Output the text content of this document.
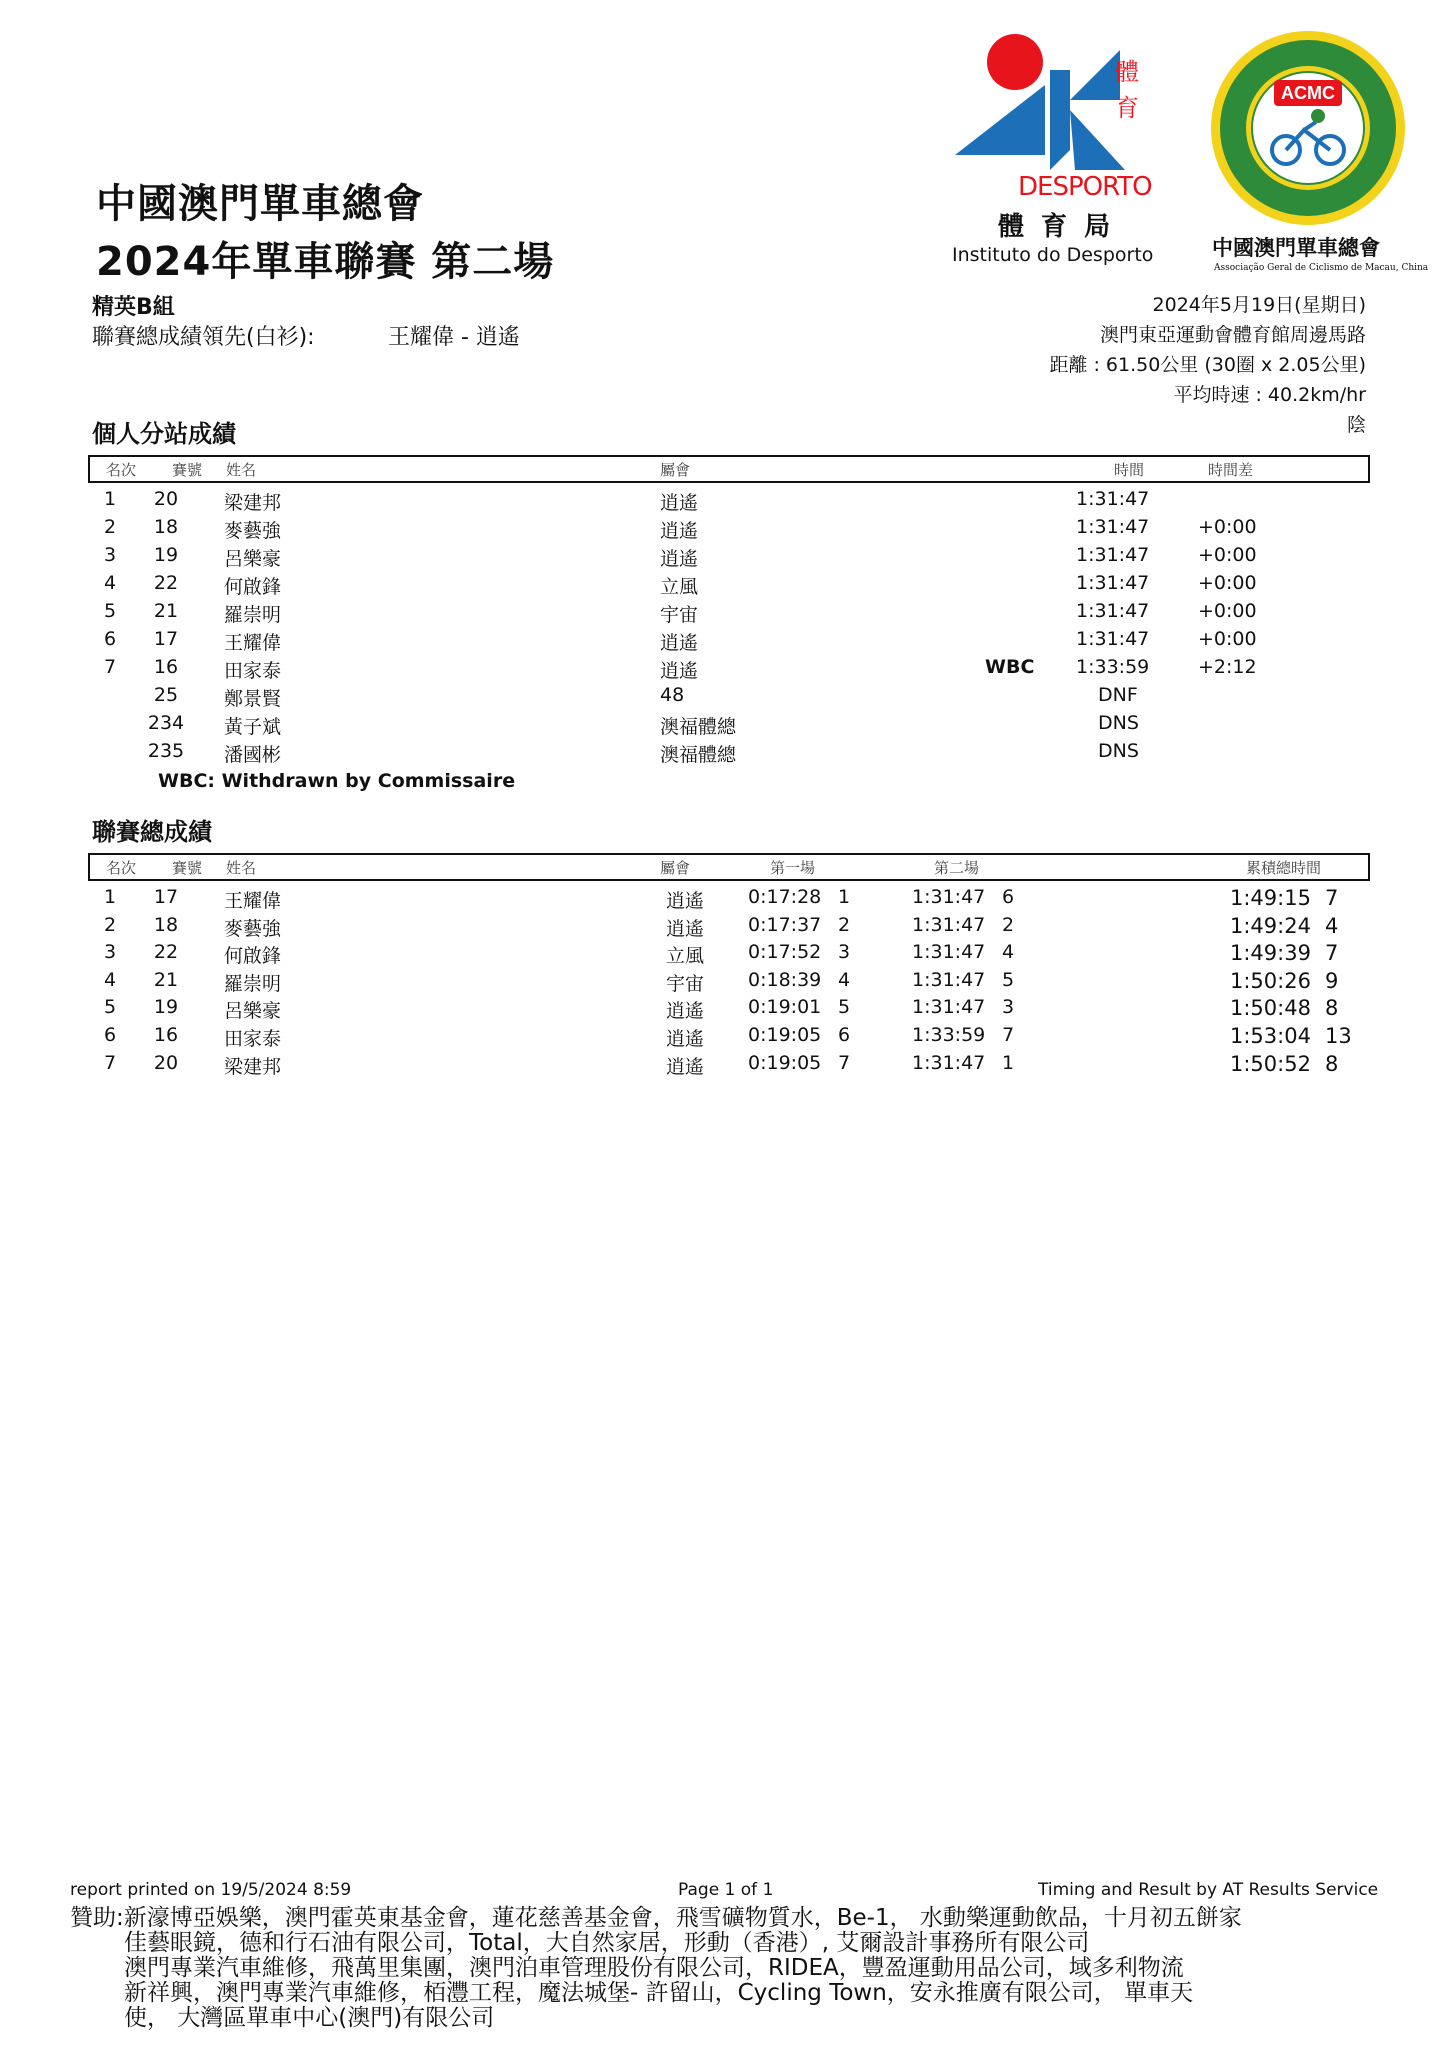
中國澳門單車總會
2024年單車聯賽 第二場
精英B組
聯賽總成績領先(白衫):	王耀偉 - 逍遙
2024年5月19日(星期日)
澳門東亞運動會體育館周邊馬路
距離 : 61.50公里 (30圈 x 2.05公里)
平均時速 : 40.2km/hr
陰
體
育
DESPORTO
體 育 局
Instituto do Desporto
ACMC
中國澳門單車總會
Associação Geral de Ciclismo de Macau, China
個人分站成績
名次 賽號 姓名	屬會	時間	時間差
1	20	梁建邦	逍遙	1:31:47
2	18	麥藝強	逍遙	1:31:47	+0:00
3	19	呂樂豪	逍遙	1:31:47	+0:00
4	22	何啟鋒	立風	1:31:47	+0:00
5	21	羅崇明	宇宙	1:31:47	+0:00
6	17	王耀偉	逍遙	1:31:47	+0:00
7	16	田家泰	逍遙	WBC 1:33:59	+2:12
25	鄭景賢	48	DNF
234	黃子斌	澳福體總	DNS
235	潘國彬	澳福體總	DNS
WBC: Withdrawn by Commissaire
聯賽總成績
名次 賽號 姓名	屬會	第一場	第二場	累積總時間
1	17	王耀偉	逍遙 0:17:28 1	1:31:47 6	1:49:15 7
2	18	麥藝強	逍遙 0:17:37 2	1:31:47 2	1:49:24 4
3	22	何啟鋒	立風 0:17:52 3	1:31:47 4	1:49:39 7
4	21	羅崇明	宇宙 0:18:39 4	1:31:47 5	1:50:26 9
5	19	呂樂豪	逍遙 0:19:01 5	1:31:47 3	1:50:48 8
6	16	田家泰	逍遙 0:19:05 6	1:33:59 7	1:53:04 13
7	20	梁建邦	逍遙 0:19:05 7	1:31:47 1	1:50:52 8
report printed on 19/5/2024 8:59	Page 1 of 1	Timing and Result by AT Results Service
贊助:新濠博亞娛樂，澳門霍英東基金會，蓮花慈善基金會，飛雪礦物質水，Be-1， 水動樂運動飲品，十月初五餅家
佳藝眼鏡，德和行石油有限公司，Total，大自然家居，形動（香港）, 艾爾設計事務所有限公司
澳門專業汽車維修，飛萬里集團，澳門泊車管理股份有限公司，RIDEA，豐盈運動用品公司，域多利物流
新祥興，澳門專業汽車維修，栢灃工程，魔法城堡- 許留山，Cycling Town，安永推廣有限公司， 單車天
使， 大灣區單車中心(澳門)有限公司
